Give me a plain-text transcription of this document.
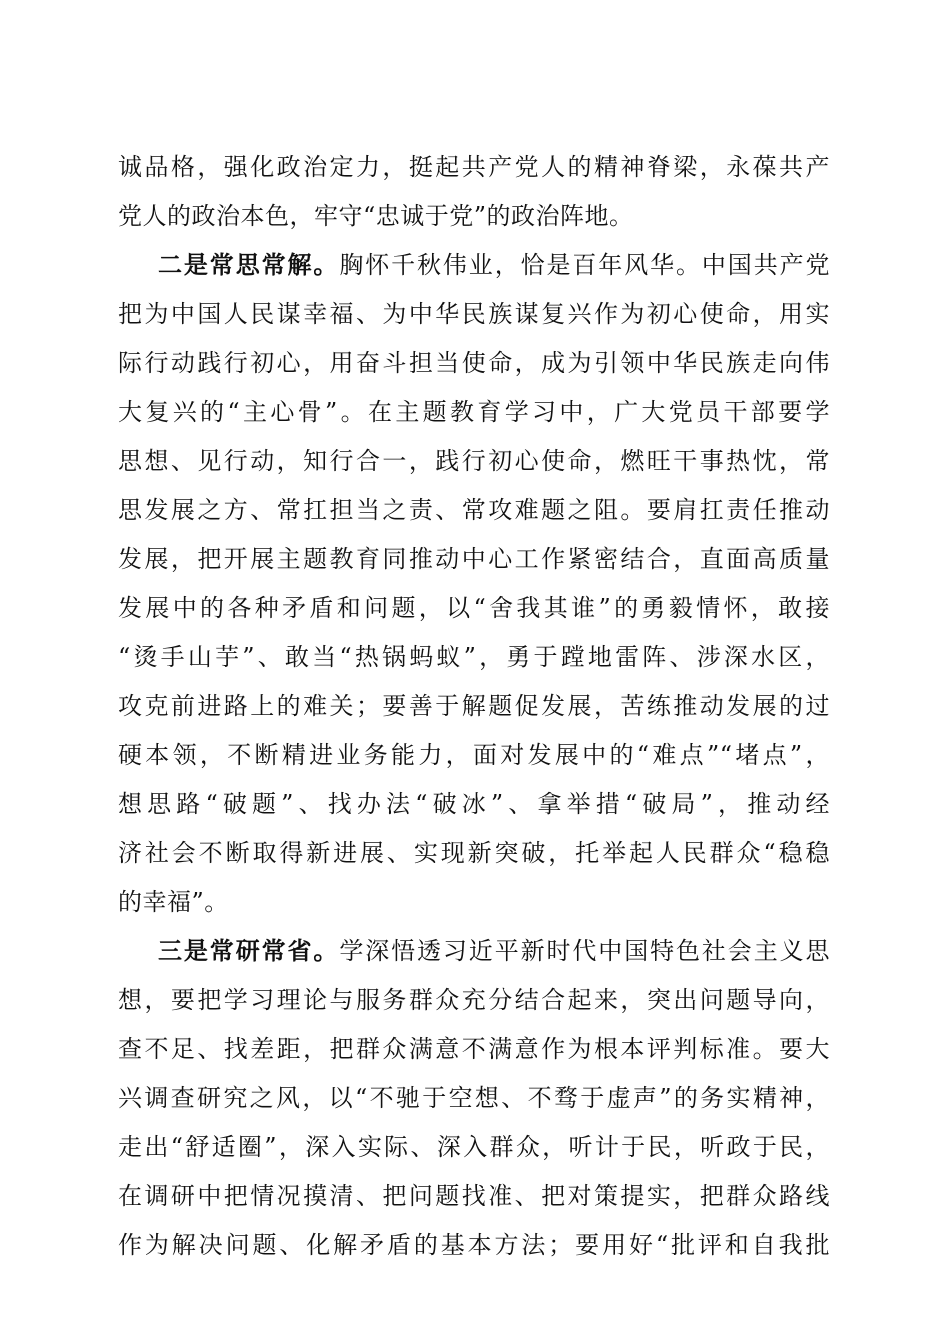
诚品格，强化政治定力，挺起共产党人的精神脊梁，永葆共产
党人的政治本色，牢守“忠诚于党”的政治阵地。
二是常思常解。胸怀千秋伟业，恰是百年风华。中国共产党
把为中国人民谋幸福、为中华民族谋复兴作为初心使命，用实
际行动践行初心，用奋斗担当使命，成为引领中华民族走向伟
大复兴的“主心骨”。在主题教育学习中，广大党员干部要学
思想、见行动，知行合一，践行初心使命，燃旺干事热忱，常
思发展之方、常扛担当之责、常攻难题之阻。要肩扛责任推动
发展，把开展主题教育同推动中心工作紧密结合，直面高质量
发展中的各种矛盾和问题，以“舍我其谁”的勇毅情怀，敢接
“烫手山芋”、敢当“热锅蚂蚁”，勇于蹚地雷阵、涉深水区，
攻克前进路上的难关；要善于解题促发展，苦练推动发展的过
硬本领，不断精进业务能力，面对发展中的“难点”“堵点”，
想思路“破题”、找办法“破冰”、拿举措“破局”，推动经
济社会不断取得新进展、实现新突破，托举起人民群众“稳稳
的幸福”。
三是常研常省。学深悟透习近平新时代中国特色社会主义思
想，要把学习理论与服务群众充分结合起来，突出问题导向，
查不足、找差距，把群众满意不满意作为根本评判标准。要大
兴调查研究之风，以“不驰于空想、不骛于虚声”的务实精神，
走出“舒适圈”，深入实际、深入群众，听计于民，听政于民，
在调研中把情况摸清、把问题找准、把对策提实，把群众路线
作为解决问题、化解矛盾的基本方法；要用好“批评和自我批
